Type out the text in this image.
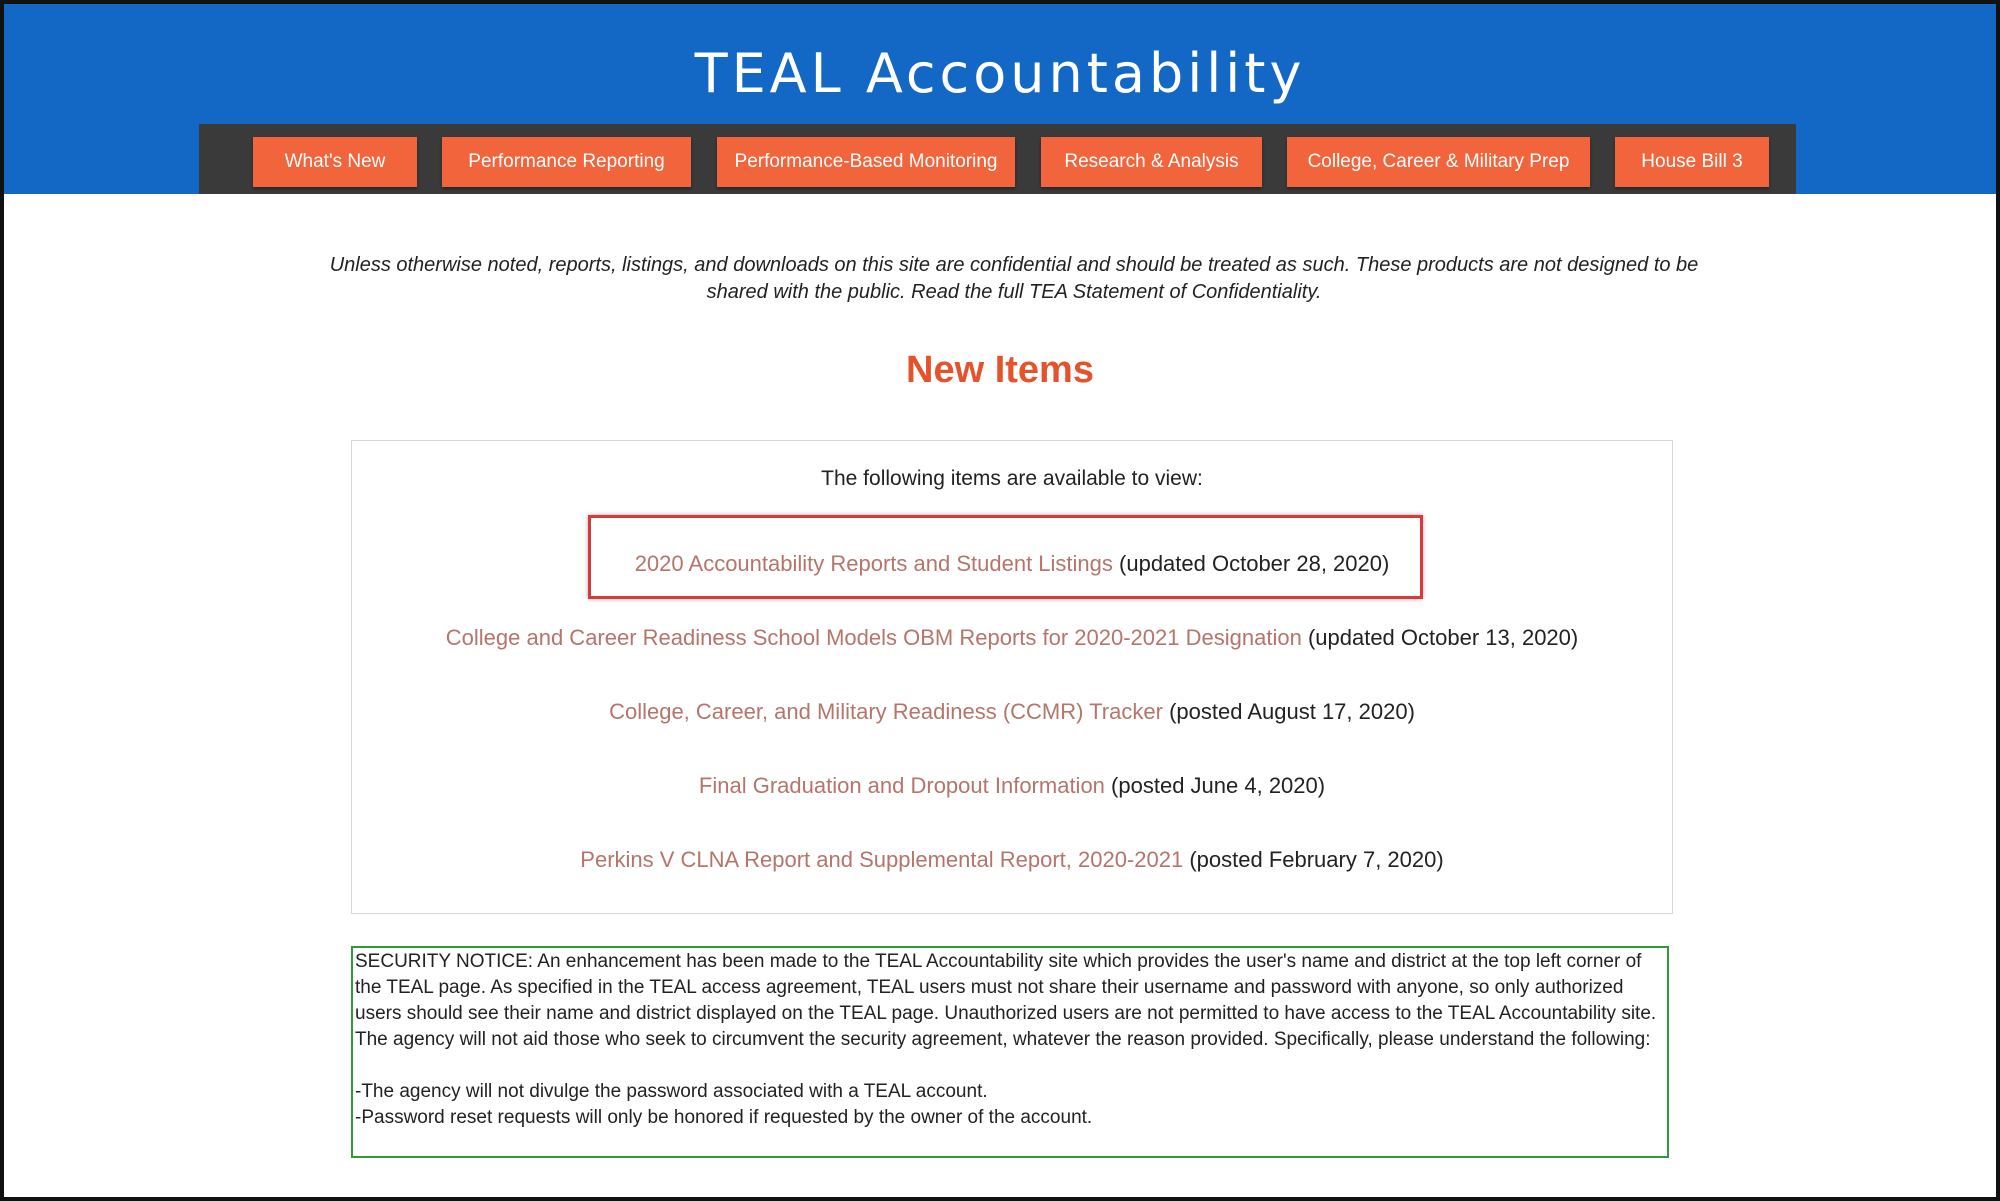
TEAL Accountability
What's New	Performance Reporting	Performance-Based Monitoring	Research & Analysis	College, Career & Military Prep	House Bill 3
Unless otherwise noted, reports, listings, and downloads on this site are confidential and should be treated as such. These products are not designed to be shared with the public. Read the full TEA Statement of Confidentiality.
New Items
The following items are available to view:
2020 Accountability Reports and Student Listings (updated October 28, 2020)
College and Career Readiness School Models OBM Reports for 2020-2021 Designation (updated October 13, 2020)
College, Career, and Military Readiness (CCMR) Tracker (posted August 17, 2020)
Final Graduation and Dropout Information (posted June 4, 2020)
Perkins V CLNA Report and Supplemental Report, 2020-2021 (posted February 7, 2020)

SECURITY NOTICE: An enhancement has been made to the TEAL Accountability site which provides the user's name and district at the top left corner of the TEAL page. As specified in the TEAL access agreement, TEAL users must not share their username and password with anyone, so only authorized users should see their name and district displayed on the TEAL page. Unauthorized users are not permitted to have access to the TEAL Accountability site. The agency will not aid those who seek to circumvent the security agreement, whatever the reason provided. Specifically, please understand the following:

-The agency will not divulge the password associated with a TEAL account.

-Password reset requests will only be honored if requested by the owner of the account.
